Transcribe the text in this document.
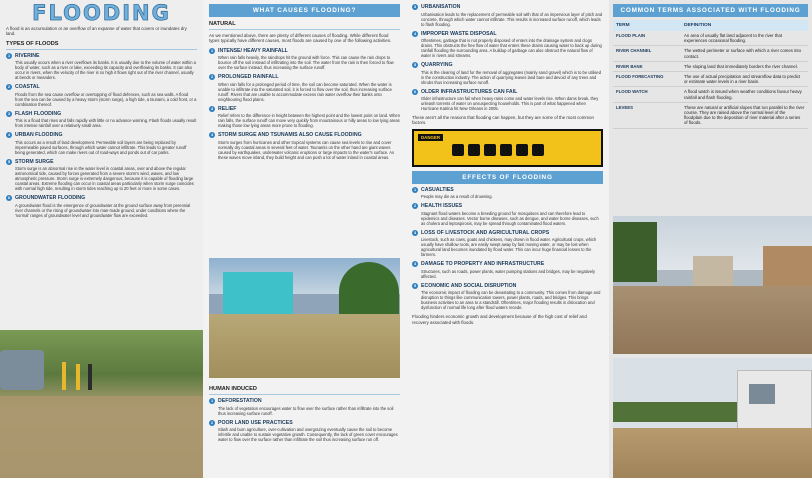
FLOODING
A flood is an accumulation or an overflow of an expanse of water that covers or inundates dry land.
TYPES OF FLOODS
1 RIVERINE
This usually occurs when a river overflows its banks. It is usually due to the volume of water within a body of water, such as a river or lake, exceeding its capacity and overflowing its banks. It can also occur in rivers, when the velocity of the river is so high it flows right out of the river channel, usually at bends or meanders.
2 COASTAL
Floods from the sea cause overflow or overtopping of flood defences, such as sea walls. A flood from the sea can be caused by a heavy storm (storm surge), a high tide, a tsunami, a cold front, or a combination thereof.
3 FLASH FLOODING
This is a flood that rises and falls rapidly with little or no advance warning. Flash floods usually result from intense rainfall over a relatively small area.
4 URBAN FLOODING
This occurs as a result of land development. Permeable soil layers are being replaced by impermeable paved surfaces, through which water cannot infiltrate. This leads to greater runoff being generated, which can make rivers out of road-ways and ponds out of car parks.
5 STORM SURGE
Storm surge is an abnormal rise in the water level in coastal areas, over and above the regular astronomical tide, caused by forces generated from a severe storm's wind, waves, and low atmospheric pressure. Storm surge is extremely dangerous, because it is capable of flooding large coastal areas. Extreme flooding can occur in coastal areas particularly when storm surge coincides with normal high tide, resulting in storm tides reaching up to 20 feet or more in some cases.
6 GROUNDWATER FLOODING
A groundwater flood is the emergence of groundwater at the ground surface away from perennial river channels or the rising of groundwater into man-made ground, under conditions where the 'normal' ranges of groundwater level and groundwater flow are exceeded.
WHAT CAUSES FLOODING?
NATURAL
As we mentioned above, there are plenty of different causes of flooding. While different flood types typically have different causes, most floods are caused by one of the following activities.
1 INTENSE/ HEAVY RAINFALL
When rain falls heavily, the raindrops hit the ground with force. This can cause the rain drops to bounce off the soil instead of infiltrating into the soil. The water from the rain is then forced to flow over the surface instead, thus increasing the surface runoff.
2 PROLONGED RAINFALL
When rain falls for a prolonged period of time, the soil can become saturated. When the water is unable to infiltrate into the saturated soil, it is forced to flow over the soil, thus increasing surface runoff. Rivers that are unable to accommodate excess rain water overflow their banks onto neighbouring flood plains.
3 RELIEF
Relief refers to the difference in height between the highest point and the lowest point on land. When rain falls, the surface runoff can move very quickly from mountainous or hilly areas to low lying areas making those low lying areas more prone to flooding.
4 STORM SURGE AND TSUNAMIS ALSO CAUSE FLOODING
Storm surges from hurricanes and other tropical systems can cause sea levels to rise and cover normally dry coastal areas in several feet of water. Tsunamis on the other hand are giant waves caused by earthquakes, underwater volcanic eruptions or large impacts to the water's surface. As these waves move inland, they build height and can push a lot of water inland in coastal areas.
HUMAN INDUCED
1 DEFORESTATION
The lack of vegetation encourages water to flow over the surface rather than infiltrate into the soil thus increasing surface runoff.
2 POOR LAND USE PRACTICES
Slash and burn agriculture, over-cultivation and overgrazing eventually cause the soil to become infertile and unable to sustain vegetative growth. Consequently, the lack of green cover encourages water to flow over the surface rather than infiltrate the soil thus increasing surface run off.
3 URBANISATION
Urbanisation leads to the replacement of permeable soil with that of an impervious layer of pitch and concrete, through which water cannot infiltrate. This results in increased surface runoff, which leads to flash flooding.
4 IMPROPER WASTE DISPOSAL
Oftentimes, garbage that is not properly disposed of enters into the drainage system and clogs drains. This obstructs the free flow of water that enters these drains causing water to back up during rainfall flooding the surrounding area. A buildup of garbage can also obstruct the natural flow of water in rivers and streams.
5 QUARRYING
This is the clearing of land for the removal of aggregates (mainly sand gravel) which is to be utilised in the construction industry. The action of quarrying leaves land bare and devoid of any trees and shrubs thus increasing surface runoff.
6 OLDER INFRASTRUCTURES CAN FAIL
Older infrastructure can fail when heavy rains come and water levels rise. When dams break, they unleash torrents of water on unsuspecting households. This is part of what happened when Hurricane Katrina hit New Orleans in 2005.
These aren't all the reasons that flooding can happen, but they are some of the most common factors.
DANGER
EFFECTS OF FLOODING
1 CASUALTIES
People may die as a result of drowning.
2 HEALTH ISSUES
Stagnant flood waters become a breeding ground for mosquitoes and can therefore lead to epidemics and diseases. Vector borne diseases, such as dengue, and water borne diseases, such as cholera and leptospirosis, may be spread through contaminated flood waters.
3 LOSS OF LIVESTOCK AND AGRICULTURAL CROPS
Livestock, such as cows, goats and chickens, may drown in flood water. Agricultural crops, which usually have shallow roots, are easily swept away by fast moving water, or may be lost when agricultural land becomes inundated by flood water. This can incur huge financial losses to the farmers.
4 DAMAGE TO PROPERTY AND INFRASTRUCTURE
Structures, such as roads, power plants, water pumping stations and bridges, may be negatively affected.
5 ECONOMIC AND SOCIAL DISRUPTION
The economic impact of flooding can be devastating to a community. This comes from damage and disruption to things like communication towers, power plants, roads, and bridges. This brings business activities to an area to a standstill. Oftentimes, major flooding results in dislocation and dysfunction of normal life long after flood waters recede.
Flooding hinders economic growth and development because of the high cost of relief and recovery associated with floods.
COMMON TERMS ASSOCIATED WITH FLOODING
TERM	DEFINITION
FLOOD PLAIN	An area of usually flat land adjacent to the river that experiences occasional flooding.
RIVER CHANNEL	The wetted perimeter or surface with which a river comes into contact.
RIVER BANK	The sloping land that immediately borders the river channel.
FLOOD FORECASTING	The use of actual precipitation and streamflow data to predict or estimate water levels in a river basin.
FLOOD WATCH	A flood watch is issued when weather conditions favour heavy rainfall and flash flooding.
LEVEES	These are natural or artificial slopes that run parallel to the river course. They are raised above the normal level of the floodplain due to the deposition of river material after a series of floods.
